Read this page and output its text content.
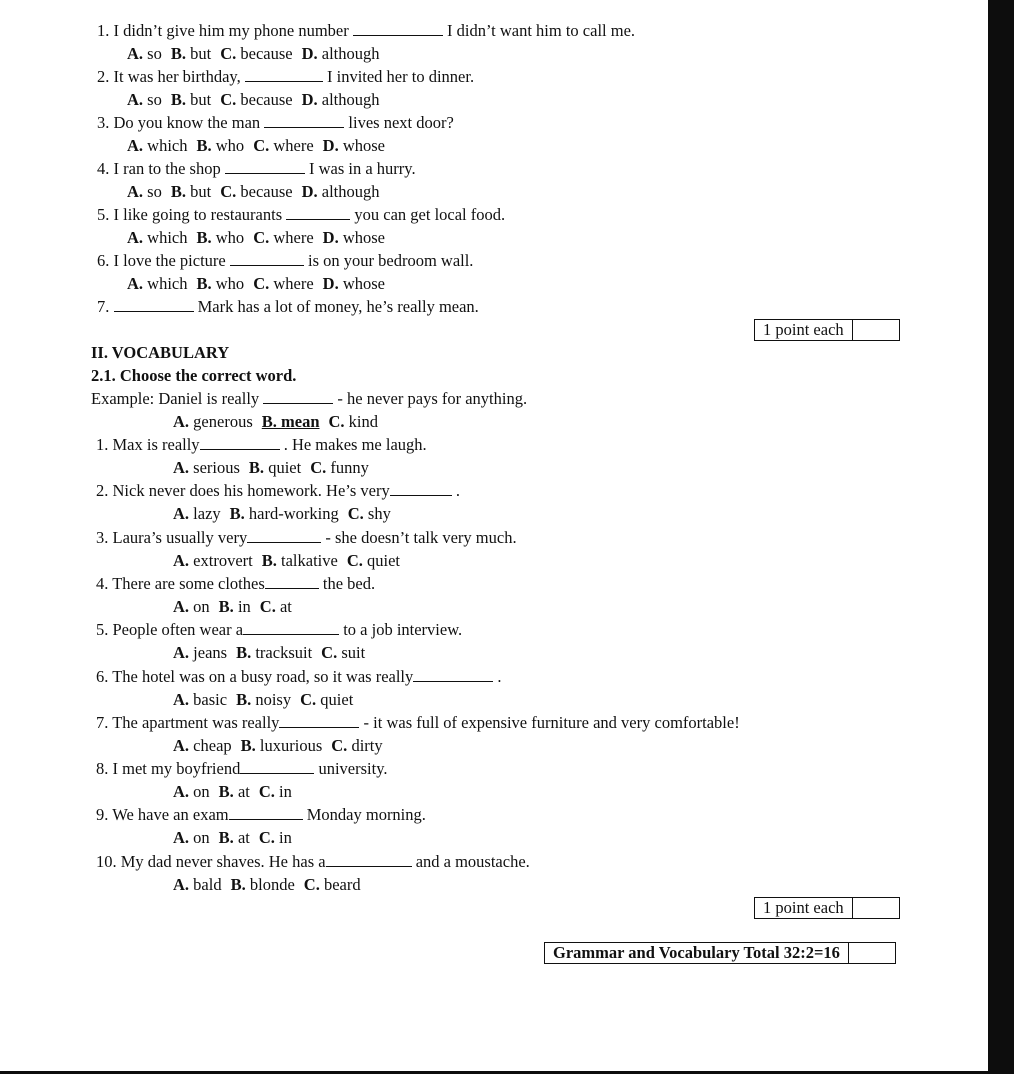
1. I didn’t give him my phone number	I didn’t want him to call me.
A. so B. but C. because D. although
2. It was her birthday,	I invited her to dinner.
A. so B. but C. because D. although
3. Do you know the man	lives next door?
A. which B. who C. where D. whose
4. I ran to the shop	I was in a hurry.
A. so B. but C. because D. although
5. I like going to restaurants	you can get local food.
A. which B. who C. where D. whose
6. I love the picture	is on your bedroom wall.
A. which B. who C. where D. whose
7.	Mark has a lot of money, he’s really mean.
1 point each
II. VOCABULARY
2.1. Choose the correct word.
Example: Daniel is really	- he never pays for anything.
A. generous B. mean C. kind
1. Max is really	. He makes me laugh.
A. serious B. quiet C. funny
2. Nick never does his homework. He’s very	.
A. lazy B. hard-working C. shy
3. Laura’s usually very	- she doesn’t talk very much.
A. extrovert B. talkative C. quiet
4. There are some clothes	the bed.
A. on B. in C. at
5. People often wear a	to a job interview.
A. jeans B. tracksuit C. suit
6. The hotel was on a busy road, so it was really	.
A. basic B. noisy C. quiet
7. The apartment was really	- it was full of expensive furniture and very comfortable!
A. cheap B. luxurious C. dirty
8. I met my boyfriend	university.
A. on B. at C. in
9. We have an exam	Monday morning.
A. on B. at C. in
10. My dad never shaves. He has a	and a moustache.
A. bald B. blonde C. beard
1 point each
Grammar and Vocabulary Total 32:2=16
